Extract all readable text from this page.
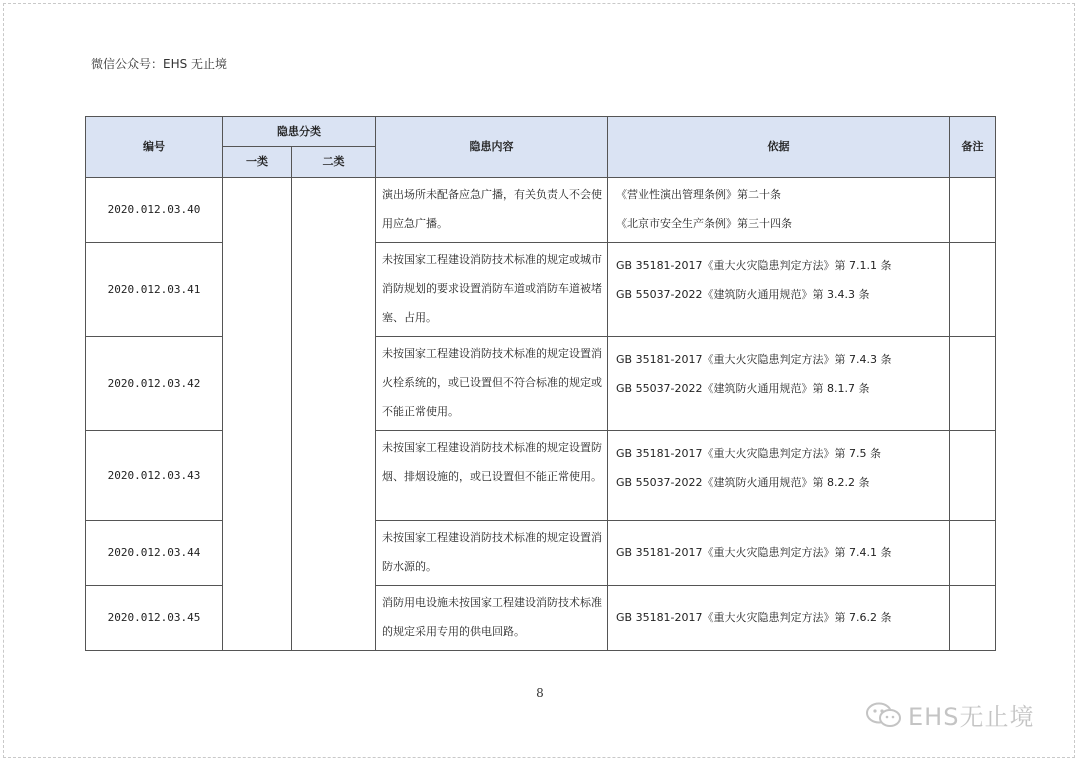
微信公众号：EHS 无止境
编号	隐患分类		隐患内容	依据	备注
	一类	二类			
2020.012.03.40			演出场所未配备应急广播，有关负责人不会使用应急广播。	《营业性演出管理条例》第二十条
《北京市安全生产条例》第三十四条	

2020.012.03.41			未按国家工程建设消防技术标准的规定或城市消防规划的要求设置消防车道或消防车道被堵塞、占用。	GB 35181-2017《重大火灾隐患判定方法》第 7.1.1 条
GB 55037-2022《建筑防火通用规范》第 3.4.3 条	

2020.012.03.42			未按国家工程建设消防技术标准的规定设置消火栓系统的，或已设置但不符合标准的规定或不能正常使用。	GB 35181-2017《重大火灾隐患判定方法》第 7.4.3 条
GB 55037-2022《建筑防火通用规范》第 8.1.7 条	

2020.012.03.43			未按国家工程建设消防技术标准的规定设置防烟、排烟设施的，或已设置但不能正常使用。	GB 35181-2017《重大火灾隐患判定方法》第 7.5 条
GB 55037-2022《建筑防火通用规范》第 8.2.2 条	

2020.012.03.44			未按国家工程建设消防技术标准的规定设置消防水源的。	GB 35181-2017《重大火灾隐患判定方法》第 7.4.1 条	

2020.012.03.45			消防用电设施未按国家工程建设消防技术标准的规定采用专用的供电回路。	GB 35181-2017《重大火灾隐患判定方法》第 7.6.2 条	

8
EHS无止境
